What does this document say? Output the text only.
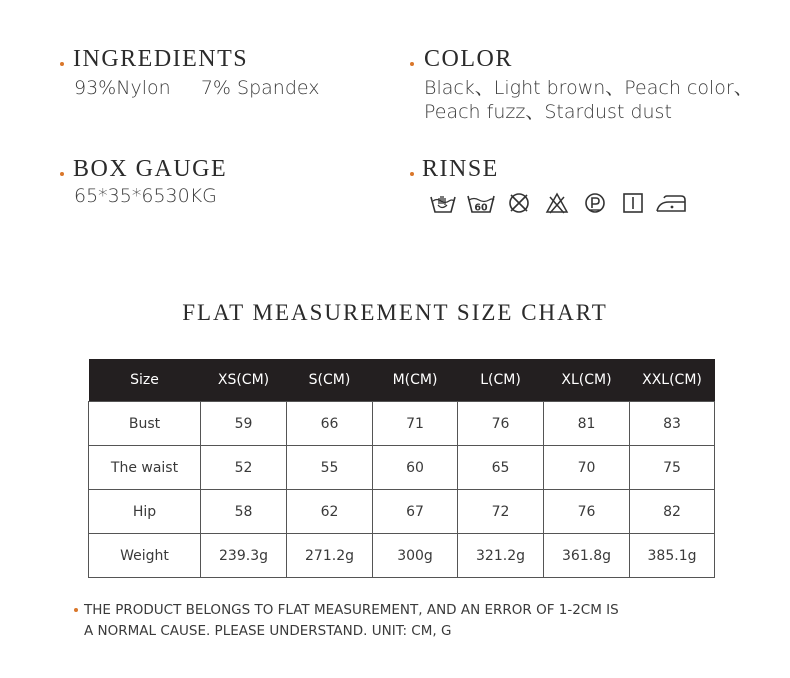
INGREDIENTS
93%Nylon     7% Spandex
COLOR
Black、Light brown、Peach color、
Peach fuzz、Stardust dust
BOX GAUGE
65*35*6530KG
RINSE
60
FLAT MEASUREMENT SIZE CHART
Size	XS(CM)	S(CM)	M(CM)	L(CM)	XL(CM)	XXL(CM)
Bust	59	66	71	76	81	83
The waist	52	55	60	65	70	75
Hip	58	62	67	72	76	82
Weight	239.3g	271.2g	300g	321.2g	361.8g	385.1g
THE PRODUCT BELONGS TO FLAT MEASUREMENT, AND AN ERROR OF 1-2CM IS
A NORMAL CAUSE. PLEASE UNDERSTAND. UNIT: CM, G
